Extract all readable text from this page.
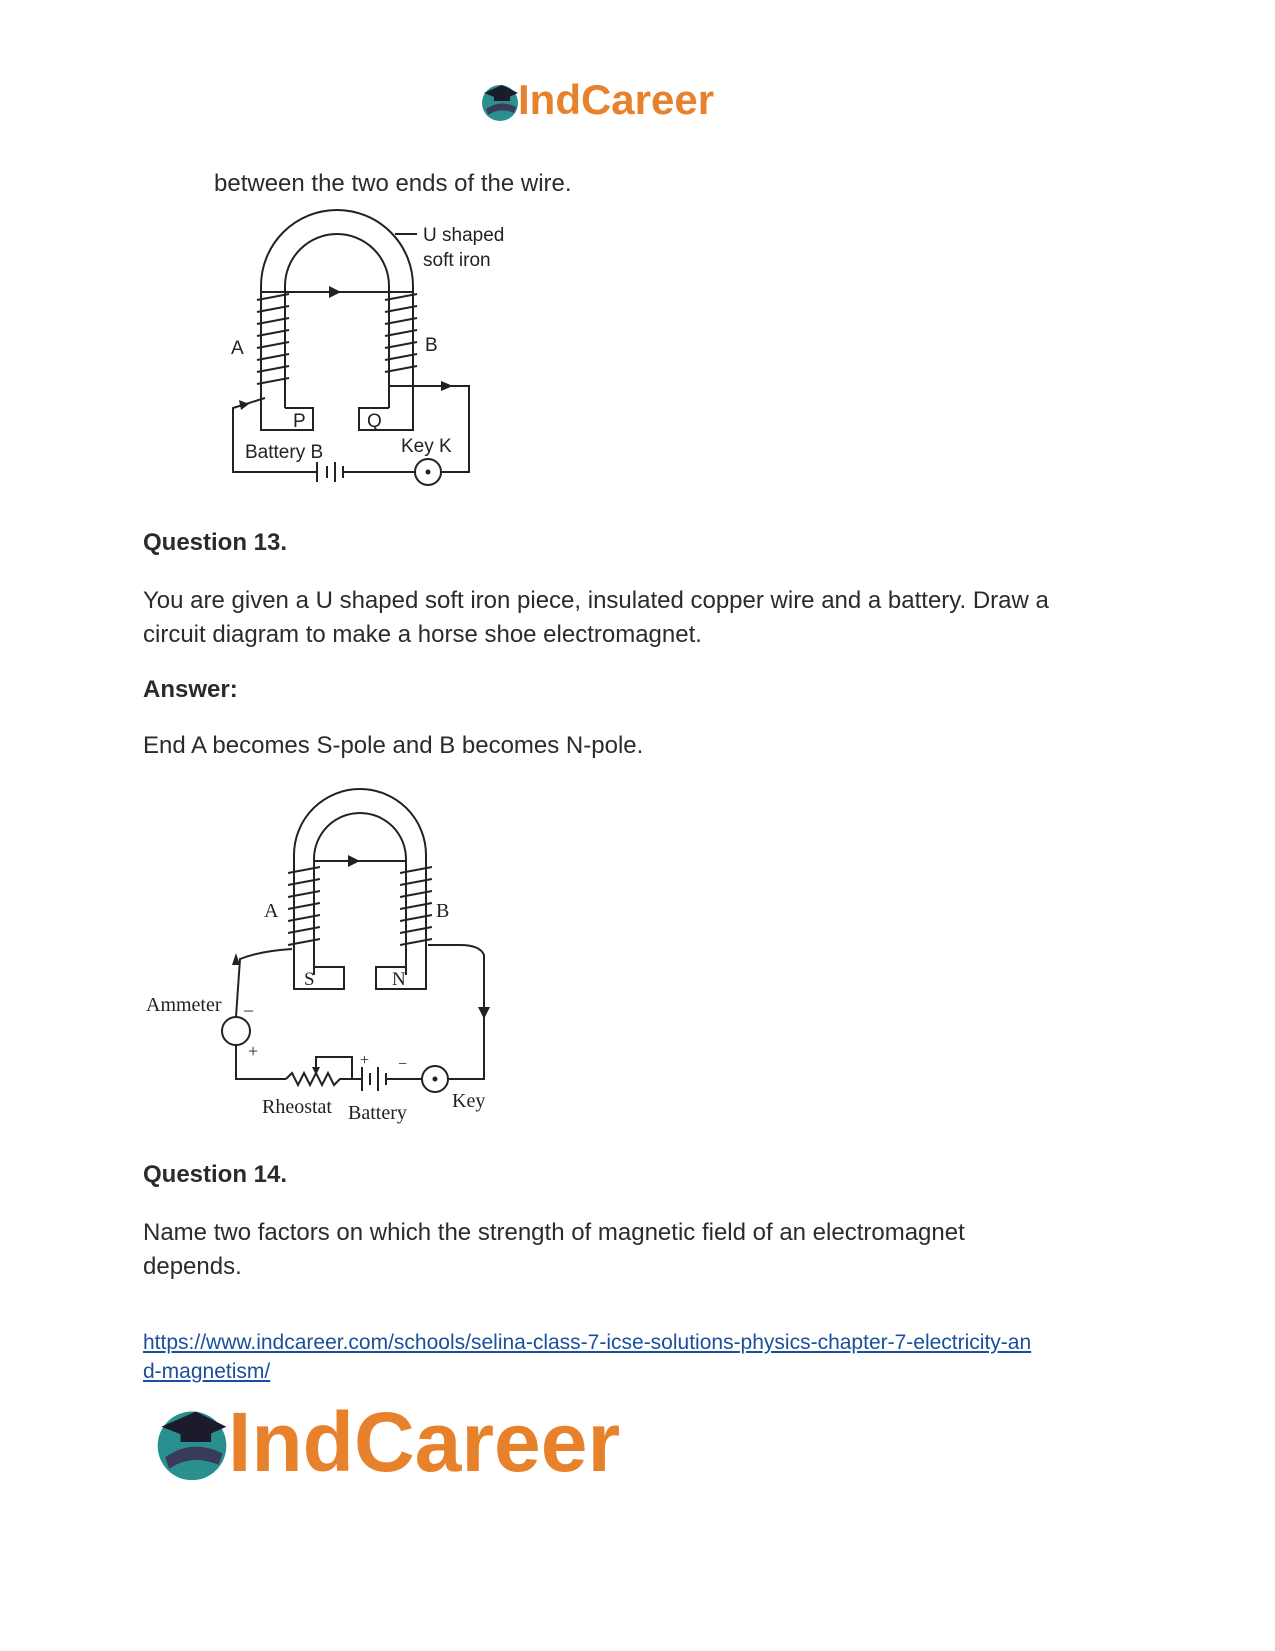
IndCareer
between the two ends of the wire.
U shaped
soft iron
A	B
P	Q
Battery B	Key K
Question 13.
You are given a U shaped soft iron piece, insulated copper wire and a battery. Draw a circuit diagram to make a horse shoe electromagnet.
Answer:
End A becomes S-pole and B becomes N-pole.
A	B
S	N
Ammeter _
+	+ −
Rheostat Battery
Key
Question 14.
Name two factors on which the strength of magnetic field of an electromagnet depends.
https://www.indcareer.com/schools/selina-class-7-icse-solutions-physics-chapter-7-electricity-an
d-magnetism/
IndCareer
